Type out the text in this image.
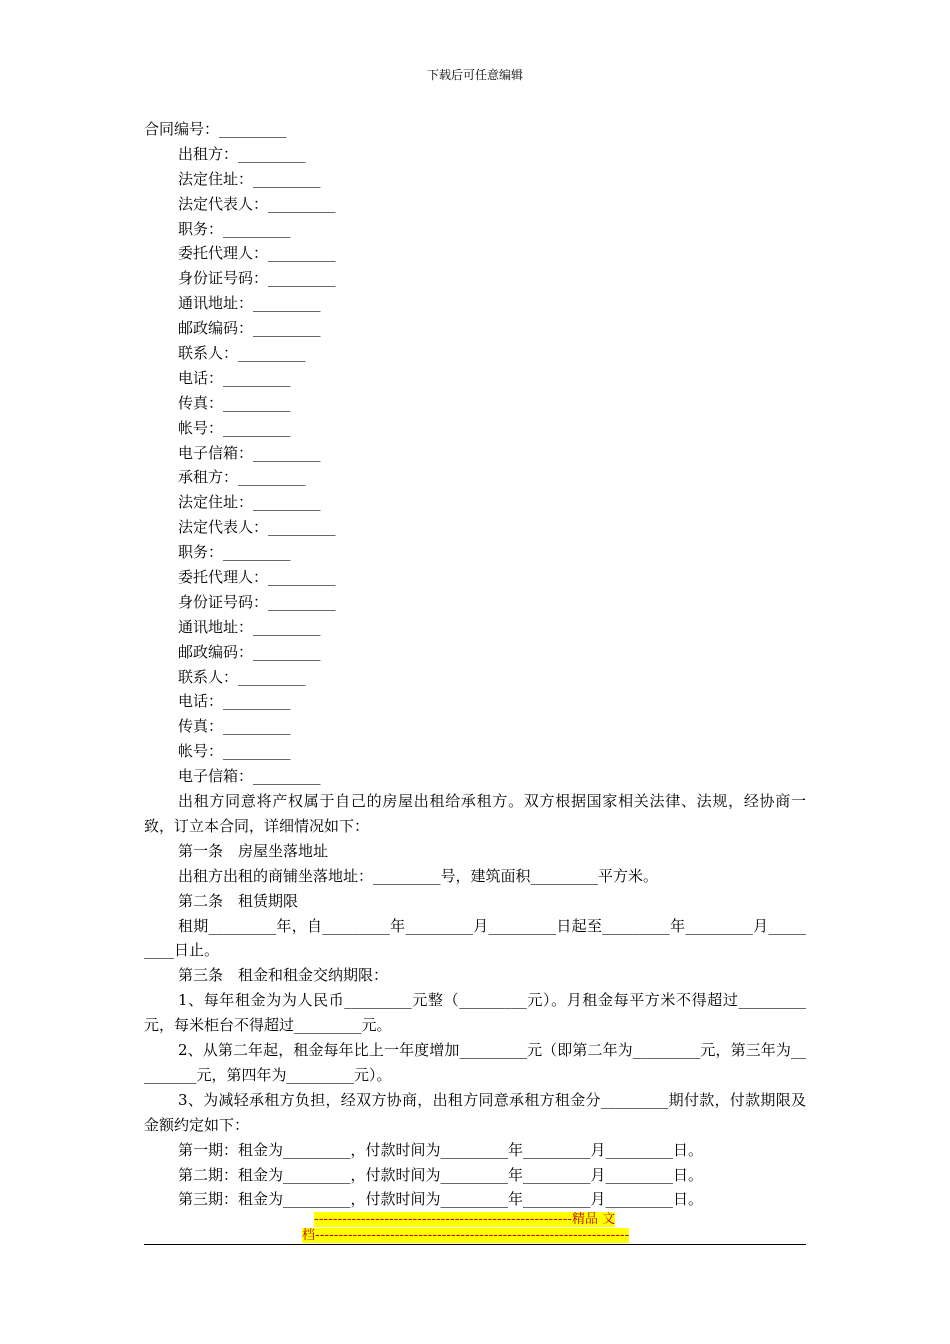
下载后可任意编辑
合同编号：_________
出租方：_________
法定住址：_________
法定代表人：_________
职务：_________
委托代理人：_________
身份证号码：_________
通讯地址：_________
邮政编码：_________
联系人：_________
电话：_________
传真：_________
帐号：_________
电子信箱：_________
承租方：_________
法定住址：_________
法定代表人：_________
职务：_________
委托代理人：_________
身份证号码：_________
通讯地址：_________
邮政编码：_________
联系人：_________
电话：_________
传真：_________
帐号：_________
电子信箱：_________
出租方同意将产权属于自己的房屋出租给承租方。双方根据国家相关法律、法规，经协商一致，订立本合同，详细情况如下：
第一条　房屋坐落地址
出租方出租的商铺坐落地址：_________号，建筑面积_________平方米。
第二条　租赁期限
租期_________年，自_________年_________月_________日起至_________年_________月_________日止。
第三条　租金和租金交纳期限：
1、每年租金为为人民币_________元整（_________元）。月租金每平方米不得超过_________元，每米柜台不得超过_________元。
2、从第二年起，租金每年比上一年度增加_________元（即第二年为_________元，第三年为_________元，第四年为_________元）。
3、为减轻承租方负担，经双方协商，出租方同意承租方租金分_________期付款，付款期限及金额约定如下：
第一期：租金为_________，付款时间为_________年_________月_________日。
第二期：租金为_________，付款时间为_________年_________月_________日。
第三期：租金为_________，付款时间为_________年_________月_________日。
-------------------------------------------------------精品 文
档-------------------------------------------------------------------
